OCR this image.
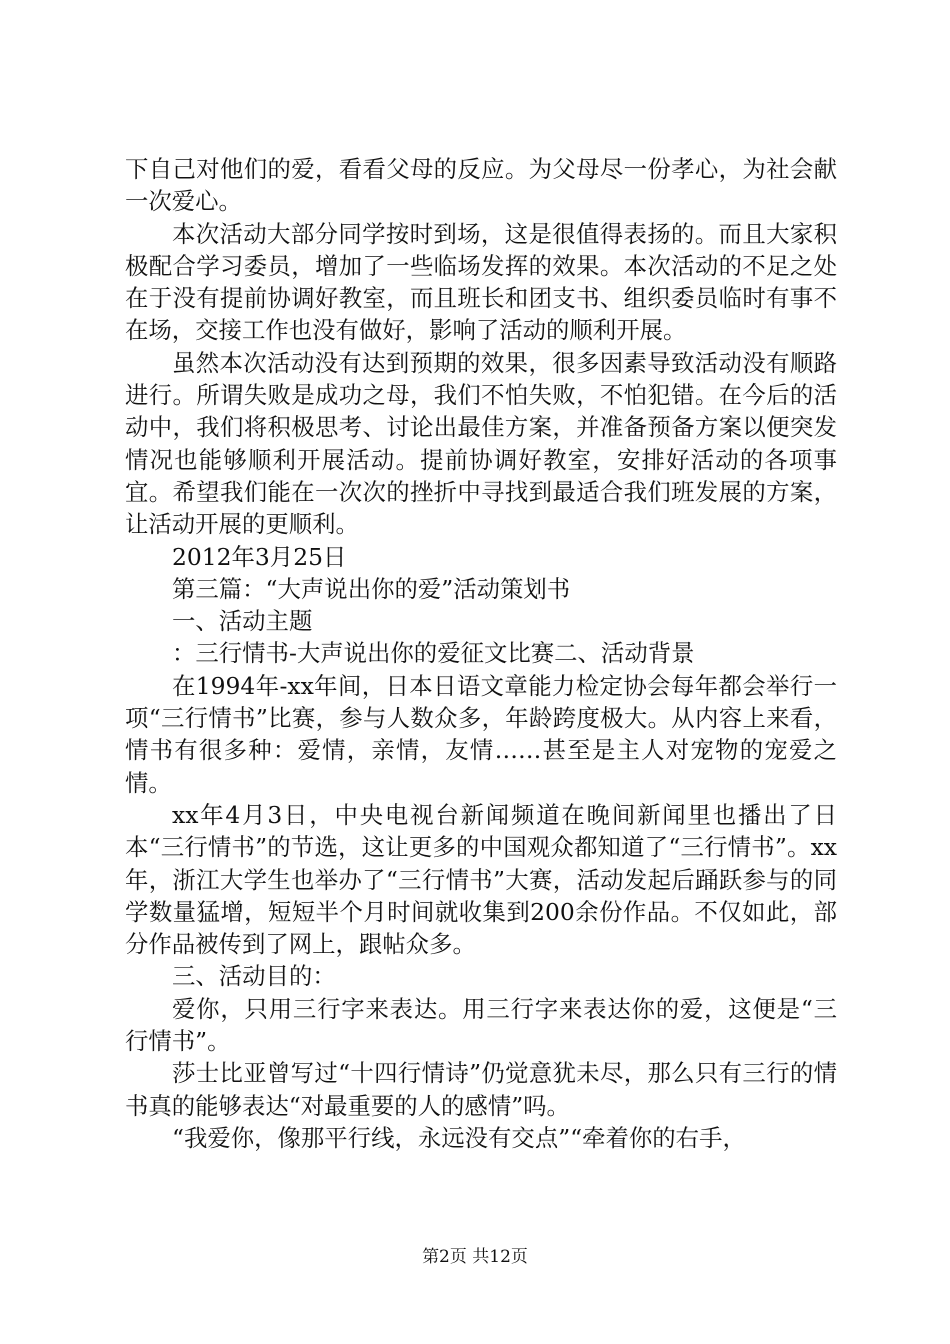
下自己对他们的爱，看看父母的反应。为父母尽一份孝心，为社会献一次爱心。

本次活动大部分同学按时到场，这是很值得表扬的。而且大家积极配合学习委员，增加了一些临场发挥的效果。本次活动的不足之处在于没有提前协调好教室，而且班长和团支书、组织委员临时有事不在场，交接工作也没有做好，影响了活动的顺利开展。

虽然本次活动没有达到预期的效果，很多因素导致活动没有顺路进行。所谓失败是成功之母，我们不怕失败，不怕犯错。在今后的活动中，我们将积极思考、讨论出最佳方案，并准备预备方案以便突发情况也能够顺利开展活动。提前协调好教室，安排好活动的各项事宜。希望我们能在一次次的挫折中寻找到最适合我们班发展的方案，让活动开展的更顺利。

2012年3月25日

第三篇：“大声说出你的爱”活动策划书

一、活动主题

：三行情书-大声说出你的爱征文比赛二、活动背景

在1994年-xx年间，日本日语文章能力检定协会每年都会举行一项“三行情书”比赛，参与人数众多，年龄跨度极大。从内容上来看，情书有很多种：爱情，亲情，友情……甚至是主人对宠物的宠爱之情。

xx年4月3日，中央电视台新闻频道在晚间新闻里也播出了日本“三行情书”的节选，这让更多的中国观众都知道了“三行情书”。xx年，浙江大学生也举办了“三行情书”大赛，活动发起后踊跃参与的同学数量猛增，短短半个月时间就收集到200余份作品。不仅如此，部分作品被传到了网上，跟帖众多。

三、活动目的：

爱你，只用三行字来表达。用三行字来表达你的爱，这便是“三行情书”。

莎士比亚曾写过“十四行情诗”仍觉意犹未尽，那么只有三行的情书真的能够表达“对最重要的人的感情”吗。

“我爱你，像那平行线，永远没有交点”“牵着你的右手，

第2页 共12页
